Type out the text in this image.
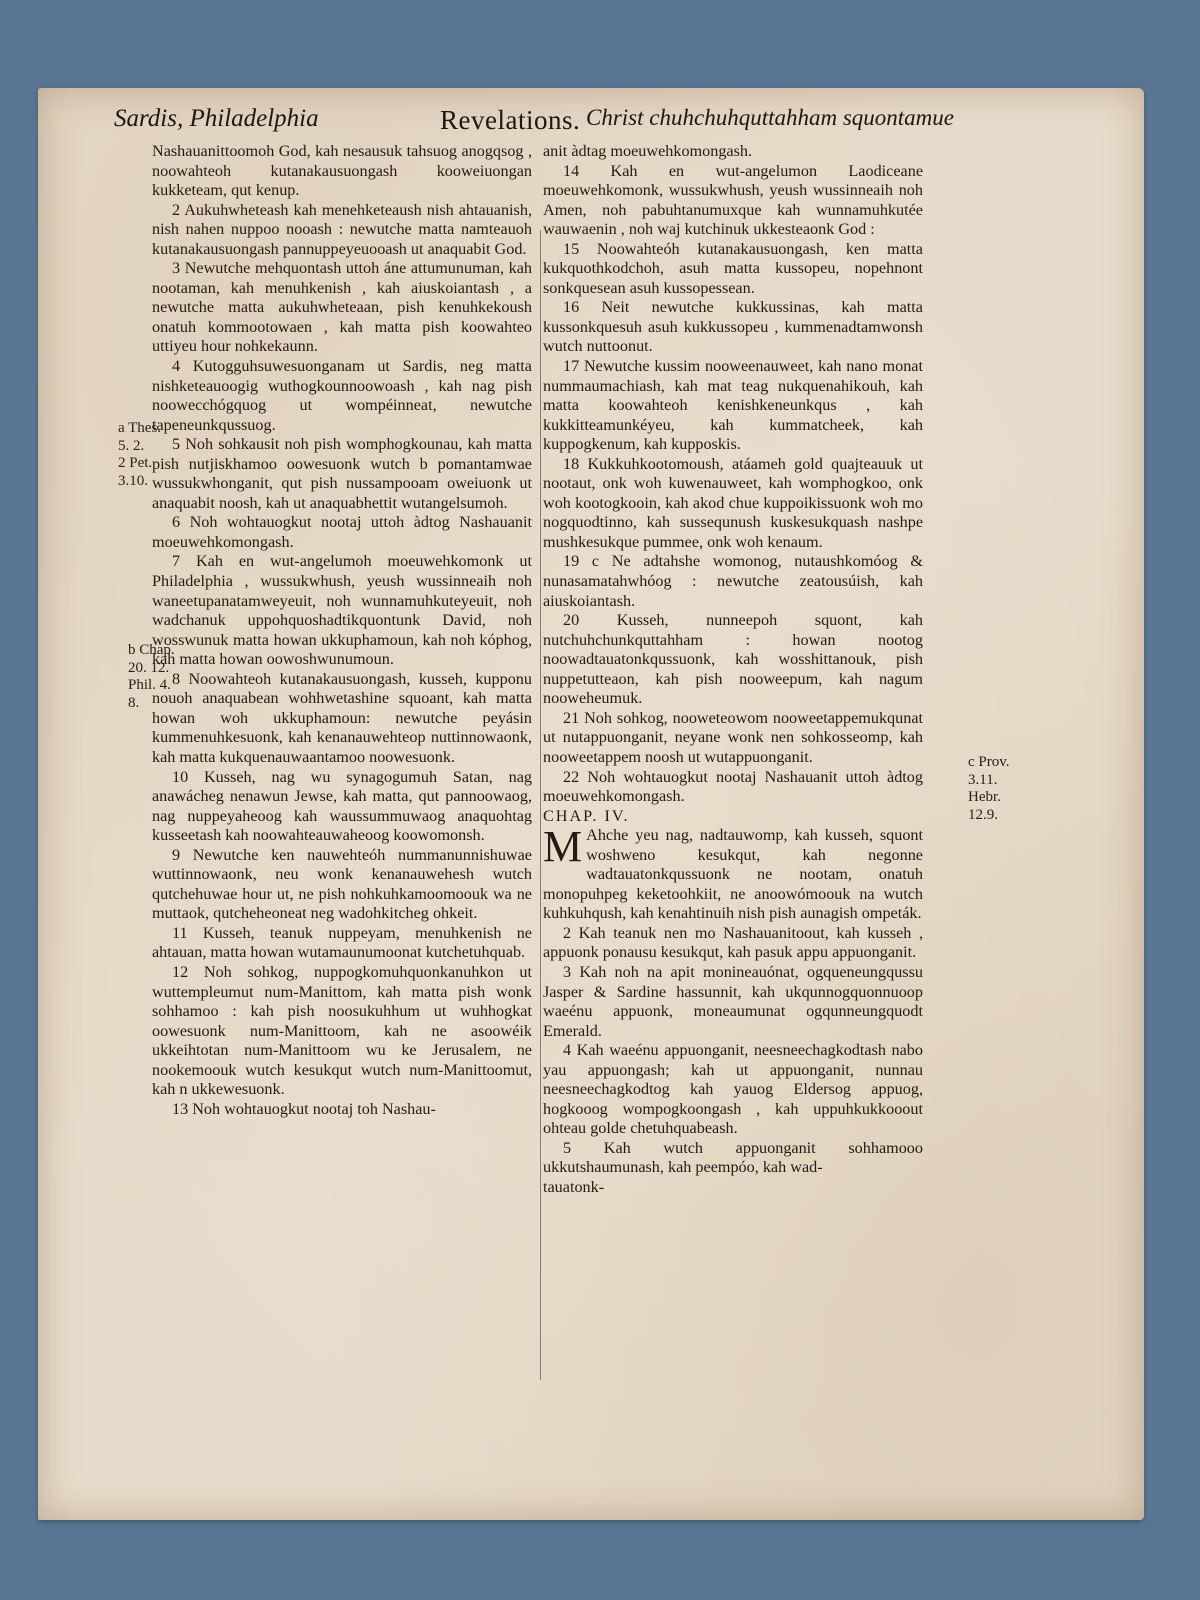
Sardis, Philadelphia	Revelations. Christ chuhchuhquttahham squontamue
a Thes.
5. 2.
2 Pet.
3.10.
b Chap.
20. 12.
Phil. 4.
8.
c Prov.
3.11.
Hebr.
12.9.

Nashauanittoomoh God, kah nesausuk tahsuog anogqsog , noowahteoh kutanakausuongash kooweiuongan kukketeam, qut kenup.

2 Aukuhwheteash kah menehketeaush nish ahtauanish, nish nahen nuppoo nooash : newutche matta namteauoh kutanakausuongash pannuppeyeuooash ut anaquabit God.

3 Newutche mehquontash uttoh áne attumunuman, kah nootaman, kah menuhkenish , kah aiuskoiantash , a newutche matta aukuhwheteaan, pish kenuhkekoush onatuh kommootowaen , kah matta pish koowahteo uttiyeu hour nohkekaunn.

4 Kutogguhsuwesuonganam ut Sardis, neg matta nishketeauoogig wuthogkounnoowoash , kah nag pish noowecchógquog ut wompéinneat, newutche tapeneunkqussuog.

5 Noh sohkausit noh pish womphogkounau, kah matta pish nutjiskhamoo oowesuonk wutch b pomantamwae wussukwhonganit, qut pish nussampooam oweiuonk ut anaquabit noosh, kah ut anaquabhettit wutangelsumoh.

6 Noh wohtauogkut nootaj uttoh àdtog Nashauanit moeuwehkomongash.

7 Kah en wut-angelumoh moeuwehkomonk ut Philadelphia , wussukwhush, yeush wussinneaih noh waneetupanatamweyeuit, noh wunnamuhkuteyeuit, noh wadchanuk uppohquoshadtikquontunk David, noh wosswunuk matta howan ukkuphamoun, kah noh kóphog, kah matta howan oowoshwunumoun.

8 Noowahteoh kutanakausuongash, kusseh, kupponu nouoh anaquabean wohhwetashine squoant, kah matta howan woh ukkuphamoun: newutche peyásin kummenuhkesuonk, kah kenanauwehteop nuttinnowaonk, kah matta kukquenauwaantamoo noowesuonk.

10 Kusseh, nag wu synagogumuh Satan, nag anawácheg nenawun Jewse, kah matta, qut pannoowaog, nag nuppeyaheoog kah waussummuwaog anaquohtag kusseetash kah noowahteauwaheoog koowomonsh.

9 Newutche ken nauwehteóh nummanunnishuwae wuttinnowaonk, neu wonk kenanauwehesh wutch qutchehuwae hour ut, ne pish nohkuhkamoomoouk wa ne muttaok, qutcheheoneat neg wadohkitcheg ohkeit.

11 Kusseh, teanuk nuppeyam, menuhkenish ne ahtauan, matta howan wutamaunumoonat kutchetuhquab.

12 Noh sohkog, nuppogkomuhquonkanuhkon ut wuttempleumut num-Manittom, kah matta pish wonk sohhamoo : kah pish noosukuhhum ut wuhhogkat oowesuonk num-Manittoom, kah ne asoowéik ukkeihtotan num-Manittoom wu ke Jerusalem, ne nookemoouk wutch kesukqut wutch num-Manittoomut, kah n ukkewesuonk.

13 Noh wohtauogkut nootaj toh Nashau-

anit àdtag moeuwehkomongash.

14 Kah en wut-angelumon Laodiceane moeuwehkomonk, wussukwhush, yeush wussinneaih noh Amen, noh pabuhtanumuxque kah wunnamuhkutée wauwaenin , noh waj kutchinuk ukkesteaonk God :

15 Noowahteóh kutanakausuongash, ken matta kukquothkodchoh, asuh matta kussopeu, nopehnont sonkquesean asuh kussopessean.

16 Neit newutche kukkussinas, kah matta kussonkquesuh asuh kukkussopeu , kummenadtamwonsh wutch nuttoonut.

17 Newutche kussim nooweenauweet, kah nano monat nummaumachiash, kah mat teag nukquenahikouh, kah matta koowahteoh kenishkeneunkqus , kah kukkitteamunkéyeu, kah kummatcheek, kah kuppogkenum, kah kupposkis.

18 Kukkuhkootomoush, atáameh gold quajteauuk ut nootaut, onk woh kuwenauweet, kah womphogkoo, onk woh kootogkooin, kah akod chue kuppoikissuonk woh mo nogquodtinno, kah sussequnush kuskesukquash nashpe mushkesukque pummee, onk woh kenaum.

19 c Ne adtahshe womonog, nutaushkomóog & nunasamatahwhóog : newutche zeatousúish, kah aiuskoiantash.

20 Kusseh, nunneepoh squont, kah nutchuhchunkquttahham : howan nootog noowadtauatonkqussuonk, kah wosshittanouk, pish nuppetutteaon, kah pish nooweepum, kah nagum nooweheumuk.

21 Noh sohkog, nooweteowom nooweetappemukqunat ut nutappuonganit, neyane wonk nen sohkosseomp, kah nooweetappem noosh ut wutappuonganit.

22 Noh wohtauogkut nootaj Nashauanit uttoh àdtog moeuwehkomongash.

CHAP. IV.

M Ahche yeu nag, nadtauwomp, kah kusseh, squont woshweno kesukqut, kah negonne wadtauatonkqussuonk ne nootam, onatuh monopuhpeg keketoohkiit, ne anoowómoouk na wutch kuhkuhqush, kah kenahtinuih nish pish aunagish ompeták.

2 Kah teanuk nen mo Nashauanitoout, kah kusseh , appuonk ponausu kesukqut, kah pasuk appu appuonganit.

3 Kah noh na apit monineauónat, ogqueneungqussu Jasper & Sardine hassunnit, kah ukqunnogquonnuoop waeénu appuonk, moneaumunat ogqunneungquodt Emerald.

4 Kah waeénu appuonganit, neesneechagkodtash nabo yau appuongash; kah ut appuonganit, nunnau neesneechagkodtog kah yauog Eldersog appuog, hogkooog wompogkoongash , kah uppuhkukkooout ohteau golde chetuhquabeash.

5 Kah wutch appuonganit sohhamooo ukkutshaumunash, kah peempóo, kah wad-

tauatonk-
